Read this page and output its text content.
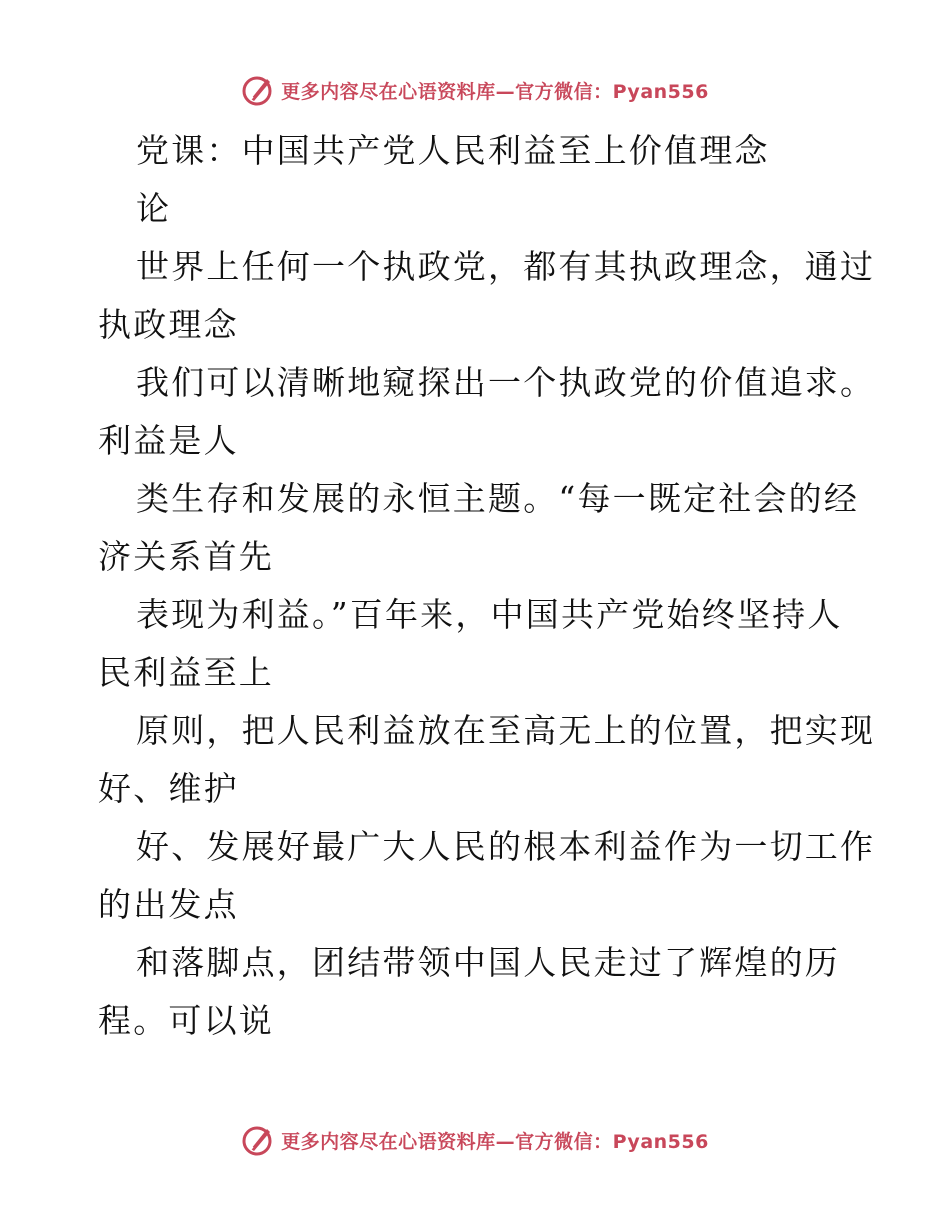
更多内容尽在心语资料库—官方微信：Pyan556
党课：中国共产党人民利益至上价值理念
论
世界上任何一个执政党，都有其执政理念，通过
执政理念
我们可以清晰地窥探出一个执政党的价值追求。
利益是人
类生存和发展的永恒主题。“每一既定社会的经
济关系首先
表现为利益。”百年来，中国共产党始终坚持人
民利益至上
原则，把人民利益放在至高无上的位置，把实现
好、维护
好、发展好最广大人民的根本利益作为一切工作
的出发点
和落脚点，团结带领中国人民走过了辉煌的历
程。可以说
更多内容尽在心语资料库—官方微信：Pyan556
